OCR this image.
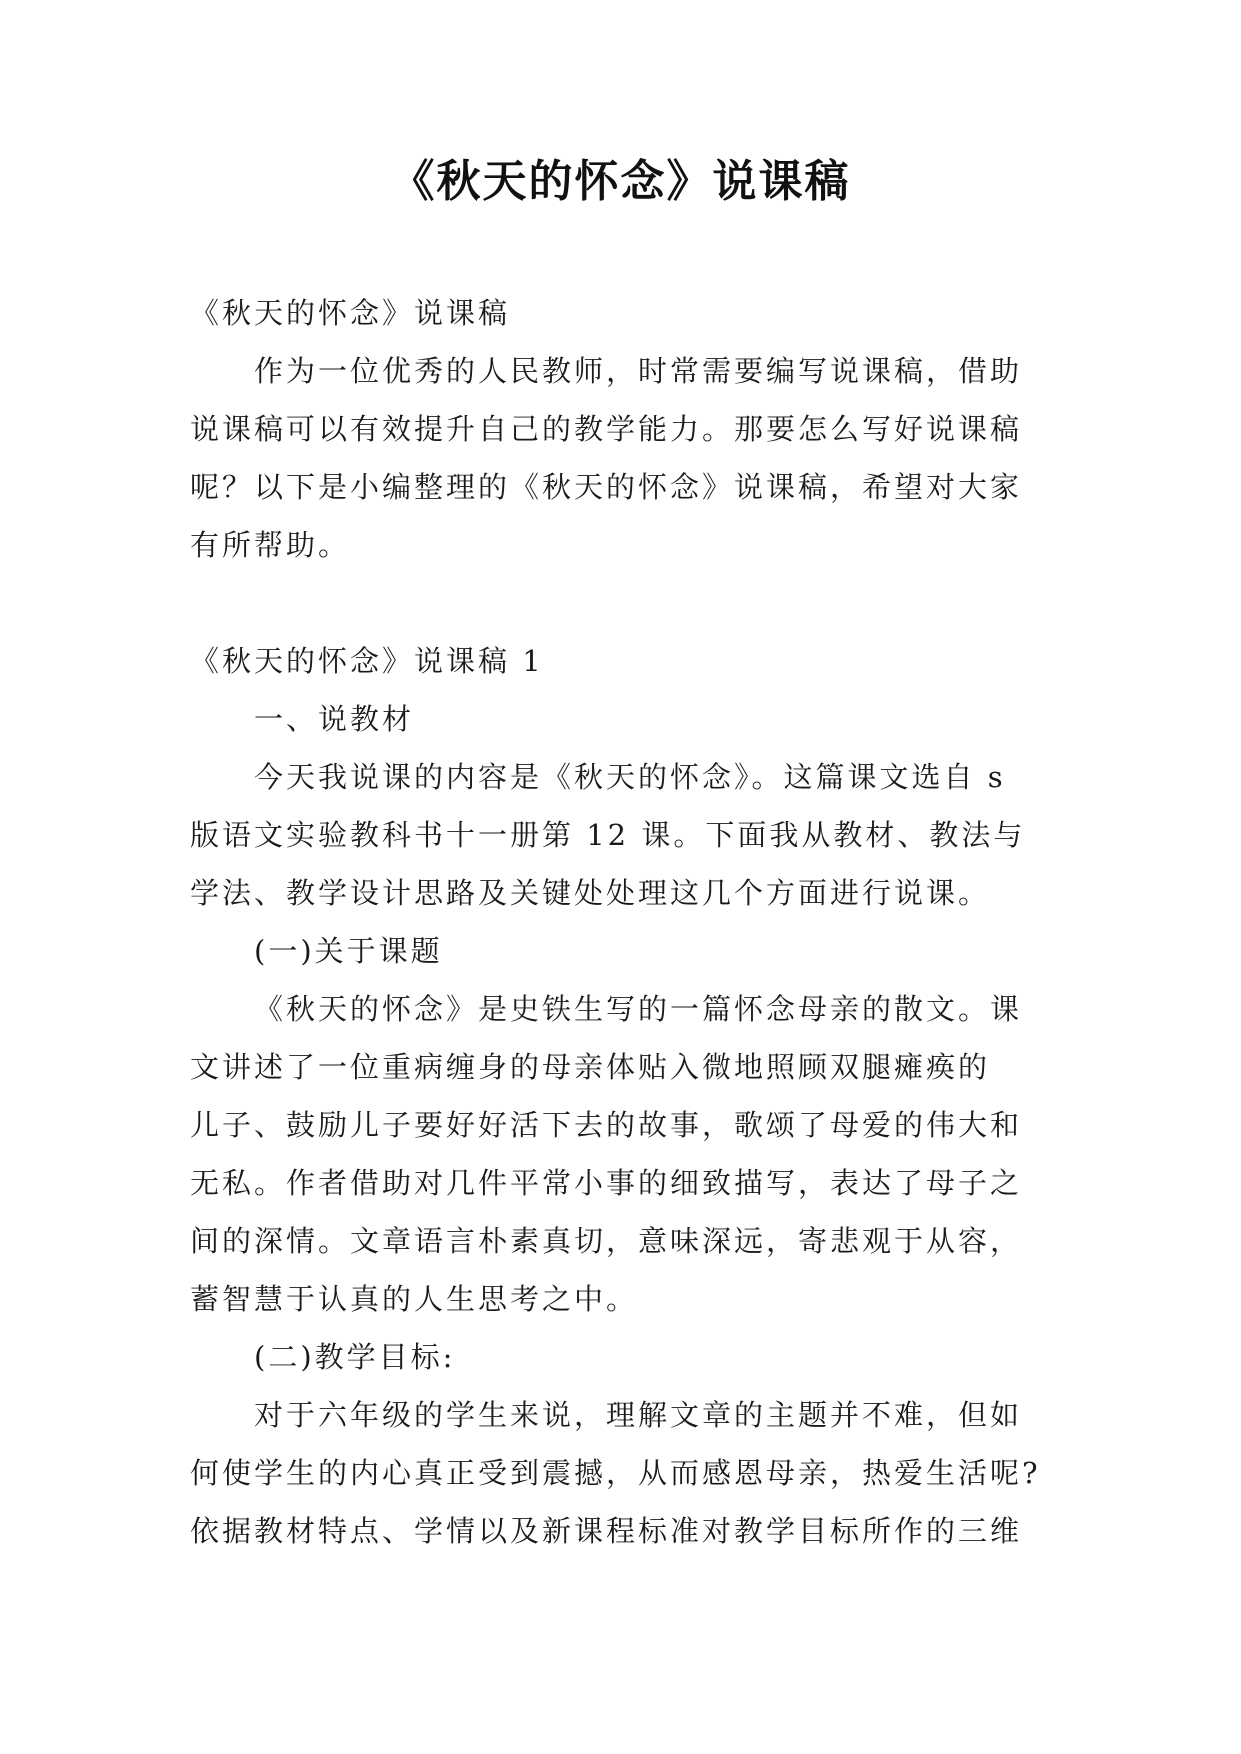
《秋天的怀念》说课稿
《秋天的怀念》说课稿
作为一位优秀的人民教师，时常需要编写说课稿，借助
说课稿可以有效提升自己的教学能力。那要怎么写好说课稿
呢？以下是小编整理的《秋天的怀念》说课稿，希望对大家
有所帮助。
《秋天的怀念》说课稿 1
一、说教材
今天我说课的内容是《秋天的怀念》。这篇课文选自 s
版语文实验教科书十一册第 12 课。下面我从教材、教法与
学法、教学设计思路及关键处处理这几个方面进行说课。
(一)关于课题
《秋天的怀念》是史铁生写的一篇怀念母亲的散文。课
文讲述了一位重病缠身的母亲体贴入微地照顾双腿瘫痪的
儿子、鼓励儿子要好好活下去的故事，歌颂了母爱的伟大和
无私。作者借助对几件平常小事的细致描写，表达了母子之
间的深情。文章语言朴素真切，意味深远，寄悲观于从容，
蓄智慧于认真的人生思考之中。
(二)教学目标:
对于六年级的学生来说，理解文章的主题并不难，但如
何使学生的内心真正受到震撼，从而感恩母亲，热爱生活呢?
依据教材特点、学情以及新课程标准对教学目标所作的三维
